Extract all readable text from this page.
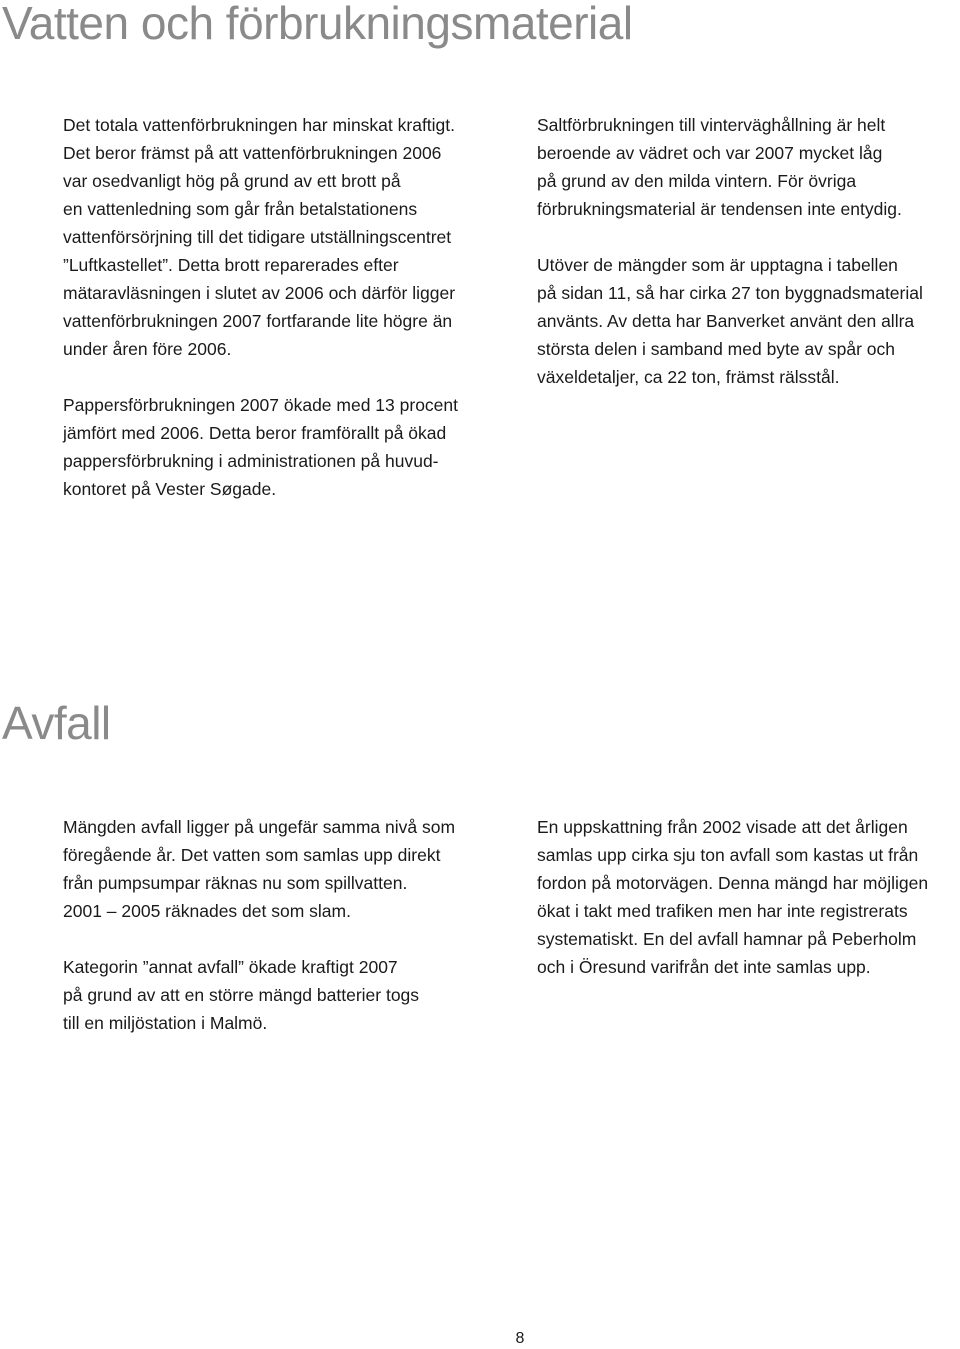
Vatten och förbrukningsmaterial

Det totala vattenförbrukningen har minskat kraftigt.
Det beror främst på att vattenförbrukningen 2006
var osedvanligt hög på grund av ett brott på
en vattenledning som går från betalstationens
vattenförsörjning till det tidigare utställningscentret
”Luftkastellet”. Detta brott reparerades efter
mätaravläsningen i slutet av 2006 och därför ligger
vattenförbrukningen 2007 fortfarande lite högre än
under åren före 2006.

Pappersförbrukningen 2007 ökade med 13 procent
jämfört med 2006. Detta beror framförallt på ökad
pappersförbrukning i administrationen på huvud-
kontoret på Vester Søgade.

Saltförbrukningen till vinterväghållning är helt
beroende av vädret och var 2007 mycket låg
på grund av den milda vintern. För övriga
förbrukningsmaterial är tendensen inte entydig.

Utöver de mängder som är upptagna i tabellen
på sidan 11, så har cirka 27 ton byggnadsmaterial
använts. Av detta har Banverket använt den allra
största delen i samband med byte av spår och
växeldetaljer, ca 22 ton, främst rälsstål.

Avfall

Mängden avfall ligger på ungefär samma nivå som
föregående år. Det vatten som samlas upp direkt
från pumpsumpar räknas nu som spillvatten.
2001 – 2005 räknades det som slam.

Kategorin ”annat avfall” ökade kraftigt 2007
på grund av att en större mängd batterier togs
till en miljöstation i Malmö.

En uppskattning från 2002 visade att det årligen
samlas upp cirka sju ton avfall som kastas ut från
fordon på motorvägen. Denna mängd har möjligen
ökat i takt med trafiken men har inte registrerats
systematiskt. En del avfall hamnar på Peberholm
och i Öresund varifrån det inte samlas upp.

8
